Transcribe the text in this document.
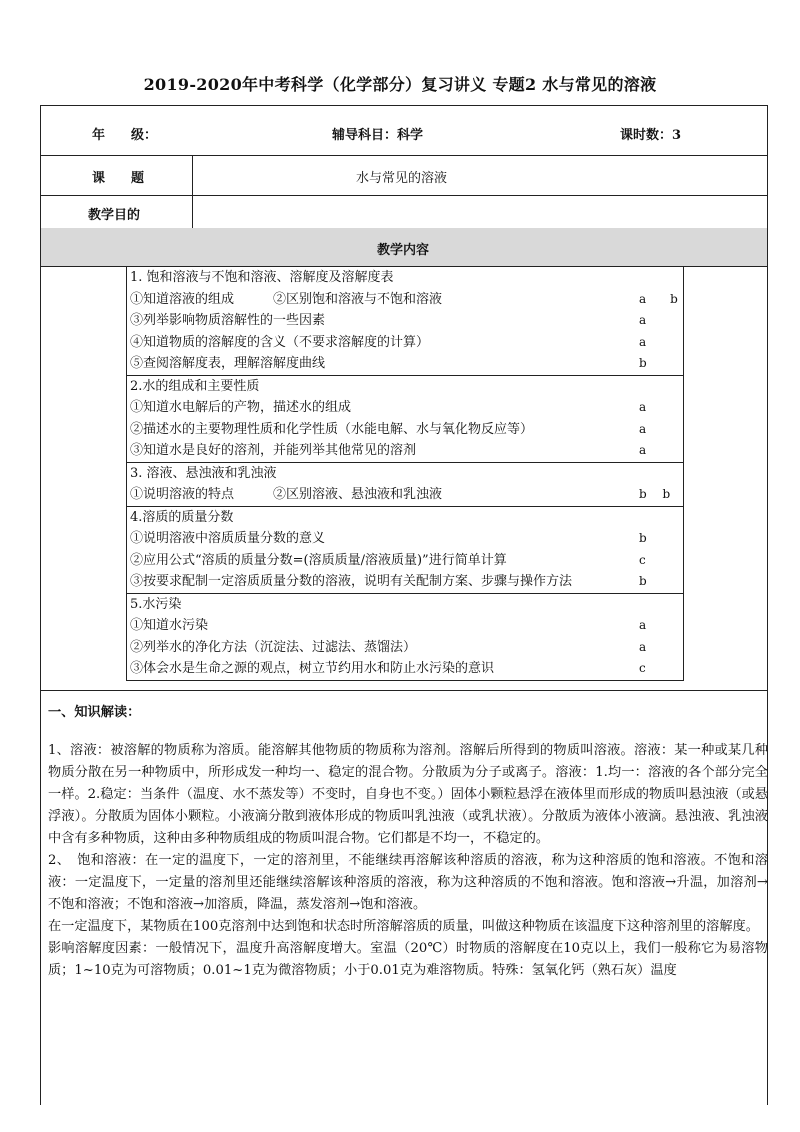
2019-2020年中考科学（化学部分）复习讲义 专题2 水与常见的溶液
年　　级：	辅导科目：科学	课时数：3
课　　题	水与常见的溶液
教学目的
教学内容
1. 饱和溶液与不饱和溶液、溶解度及溶解度表
①知道溶液的组成　　　②区别饱和溶液与不饱和溶液	a　　b
③列举影响物质溶解性的一些因素	a
④知道物质的溶解度的含义（不要求溶解度的计算）	a
⑤查阅溶解度表，理解溶解度曲线	b
2.水的组成和主要性质
①知道水电解后的产物，描述水的组成	a
②描述水的主要物理性质和化学性质（水能电解、水与氧化物反应等）	a
③知道水是良好的溶剂，并能列举其他常见的溶剂	a
3. 溶液、悬浊液和乳浊液
①说明溶液的特点　　　②区别溶液、悬浊液和乳浊液	b　 b
4.溶质的质量分数
①说明溶液中溶质质量分数的意义	b
②应用公式“溶质的质量分数=(溶质质量/溶液质量)”进行简单计算	c
③按要求配制一定溶质质量分数的溶液，说明有关配制方案、步骤与操作方法	b
5.水污染
①知道水污染	a
②列举水的净化方法（沉淀法、过滤法、蒸馏法）	a
③体会水是生命之源的观点，树立节约用水和防止水污染的意识	c

一、知识解读：

1、溶液：被溶解的物质称为溶质。能溶解其他物质的物质称为溶剂。溶解后所得到的物质叫溶液。溶液：某一种或某几种物质分散在另一种物质中，所形成发一种均一、稳定的混合物。分散质为分子或离子。溶液：1.均一：溶液的各个部分完全一样。2.稳定：当条件（温度、水不蒸发等）不变时，自身也不变。）固体小颗粒悬浮在液体里而形成的物质叫悬浊液（或悬浮液）。分散质为固体小颗粒。小液滴分散到液体形成的物质叫乳浊液（或乳状液）。分散质为液体小液滴。悬浊液、乳浊液中含有多种物质，这种由多种物质组成的物质叫混合物。它们都是不均一，不稳定的。

2、　饱和溶液：在一定的温度下，一定的溶剂里，不能继续再溶解该种溶质的溶液，称为这种溶质的饱和溶液。不饱和溶液：一定温度下，一定量的溶剂里还能继续溶解该种溶质的溶液，称为这种溶质的不饱和溶液。饱和溶液→升温，加溶剂→不饱和溶液；不饱和溶液→加溶质，降温，蒸发溶剂→饱和溶液。

在一定温度下，某物质在100克溶剂中达到饱和状态时所溶解溶质的质量，叫做这种物质在该温度下这种溶剂里的溶解度。

影响溶解度因素：一般情况下，温度升高溶解度增大。室温（20℃）时物质的溶解度在10克以上，我们一般称它为易溶物质；1~10克为可溶物质；0.01~1克为微溶物质；小于0.01克为难溶物质。特殊：氢氧化钙（熟石灰）温度
